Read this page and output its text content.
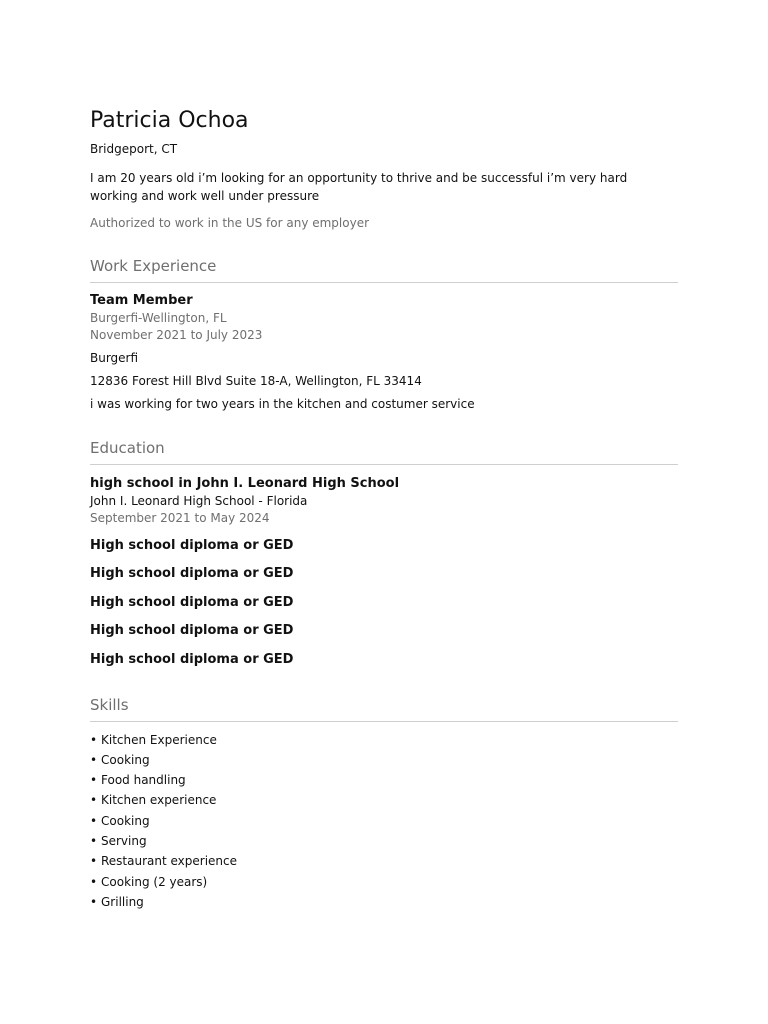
Patricia Ochoa
Bridgeport, CT
I am 20 years old i’m looking for an opportunity to thrive and be successful i’m very hard working and work well under pressure
Authorized to work in the US for any employer
Work Experience
Team Member
Burgerfi-Wellington, FL
November 2021 to July 2023
Burgerfi
12836 Forest Hill Blvd Suite 18-A, Wellington, FL 33414
i was working for two years in the kitchen and costumer service
Education
high school in John I. Leonard High School
John I. Leonard High School - Florida
September 2021 to May 2024
High school diploma or GED
High school diploma or GED
High school diploma or GED
High school diploma or GED
High school diploma or GED
Skills
• Kitchen Experience
• Cooking
• Food handling
• Kitchen experience
• Cooking
• Serving
• Restaurant experience
• Cooking (2 years)
• Grilling
